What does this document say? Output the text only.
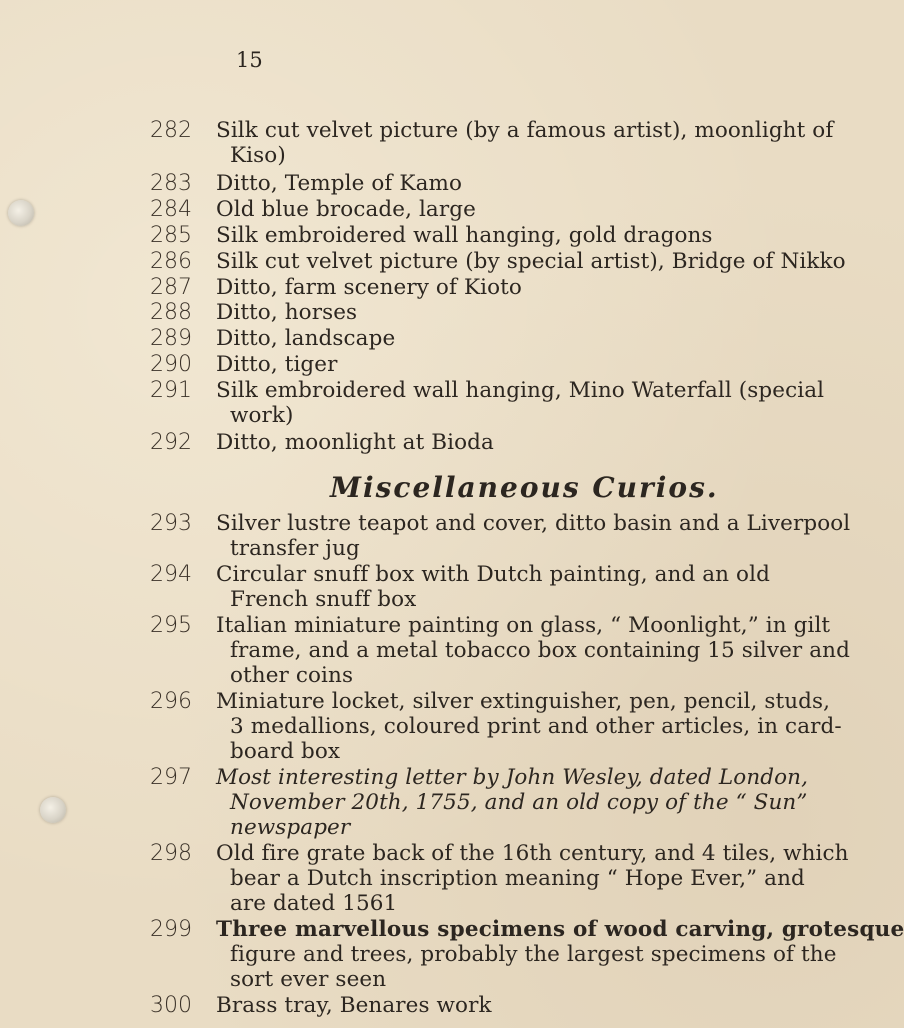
15
282 Silk cut velvet picture (by a famous artist), moonlight of
Kiso)
283 Ditto, Temple of Kamo
284 Old blue brocade, large
285 Silk embroidered wall hanging, gold dragons
286 Silk cut velvet picture (by special artist), Bridge of Nikko
287 Ditto, farm scenery of Kioto
288 Ditto, horses
289 Ditto, landscape
290 Ditto, tiger
291 Silk embroidered wall hanging, Mino Waterfall (special
work)
292 Ditto, moonlight at Bioda
Miscellaneous Curios.
293 Silver lustre teapot and cover, ditto basin and a Liverpool
transfer jug
294 Circular snuff box with Dutch painting, and an old
French snuff box
295 Italian miniature painting on glass, “ Moonlight,” in gilt
frame, and a metal tobacco box containing 15 silver and
other coins
296 Miniature locket, silver extinguisher, pen, pencil, studs,
3 medallions, coloured print and other articles, in card-
board box
297 Most interesting letter by John Wesley, dated London,
November 20th, 1755, and an old copy of the “ Sun”
newspaper
298 Old fire grate back of the 16th century, and 4 tiles, which
bear a Dutch inscription meaning “ Hope Ever,” and
are dated 1561
299 Three marvellous specimens of wood carving, grotesque
figure and trees, probably the largest specimens of the
sort ever seen
300 Brass tray, Benares work
